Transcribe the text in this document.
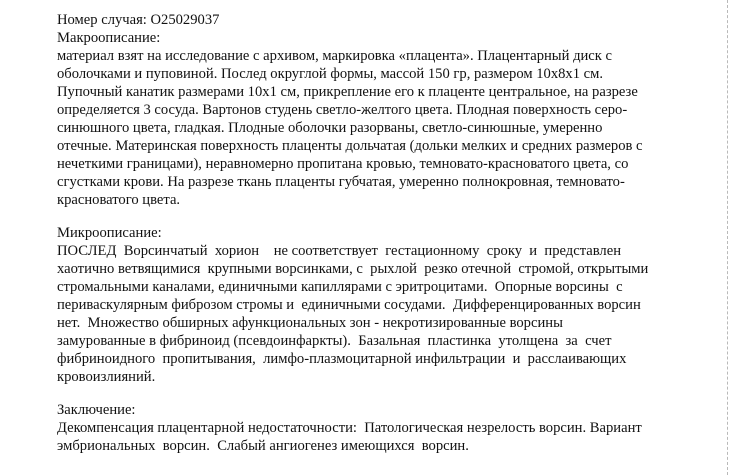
Номер случая: O25029037
Макроописание:
материал взят на исследование с архивом, маркировка «плацента». Плацентарный диск с
оболочками и пуповиной. Послед округлой формы, массой 150 гр, размером 10х8х1 см.
Пупочный канатик размерами 10х1 см, прикрепление его к плаценте центральное, на разрезе
определяется 3 сосуда. Вартонов студень светло-желтого цвета. Плодная поверхность серо-
синюшного цвета, гладкая. Плодные оболочки разорваны, светло-синюшные, умеренно
отечные. Материнская поверхность плаценты дольчатая (дольки мелких и средних размеров с
нечеткими границами), неравномерно пропитана кровью, темновато-красноватого цвета, со
сгустками крови. На разрезе ткань плаценты губчатая, умеренно полнокровная, темновато-
красноватого цвета.
Микроописание:
ПОСЛЕД  Ворсинчатый  хорион    не соответствует  гестационному  сроку  и  представлен
хаотично ветвящимися  крупными ворсинками, с  рыхлой  резко отечной  стромой, открытыми
стромальными каналами, единичными капиллярами с эритроцитами.  Опорные ворсины  с
периваскулярным фиброзом стромы и  единичными сосудами.  Дифференцированных ворсин
нет.  Множество обширных афункциональных зон - некротизированные ворсины
замурованные в фибриноид (псевдоинфаркты).  Базальная  пластинка  утолщена  за  счет
фибриноидного  пропитывания,  лимфо-плазмоцитарной инфильтрации  и  расслаивающих
кровоизлияний.
Заключение:
Декомпенсация плацентарной недостаточности:  Патологическая незрелость ворсин. Вариант
эмбриональных  ворсин.  Слабый ангиогенез имеющихся  ворсин.
